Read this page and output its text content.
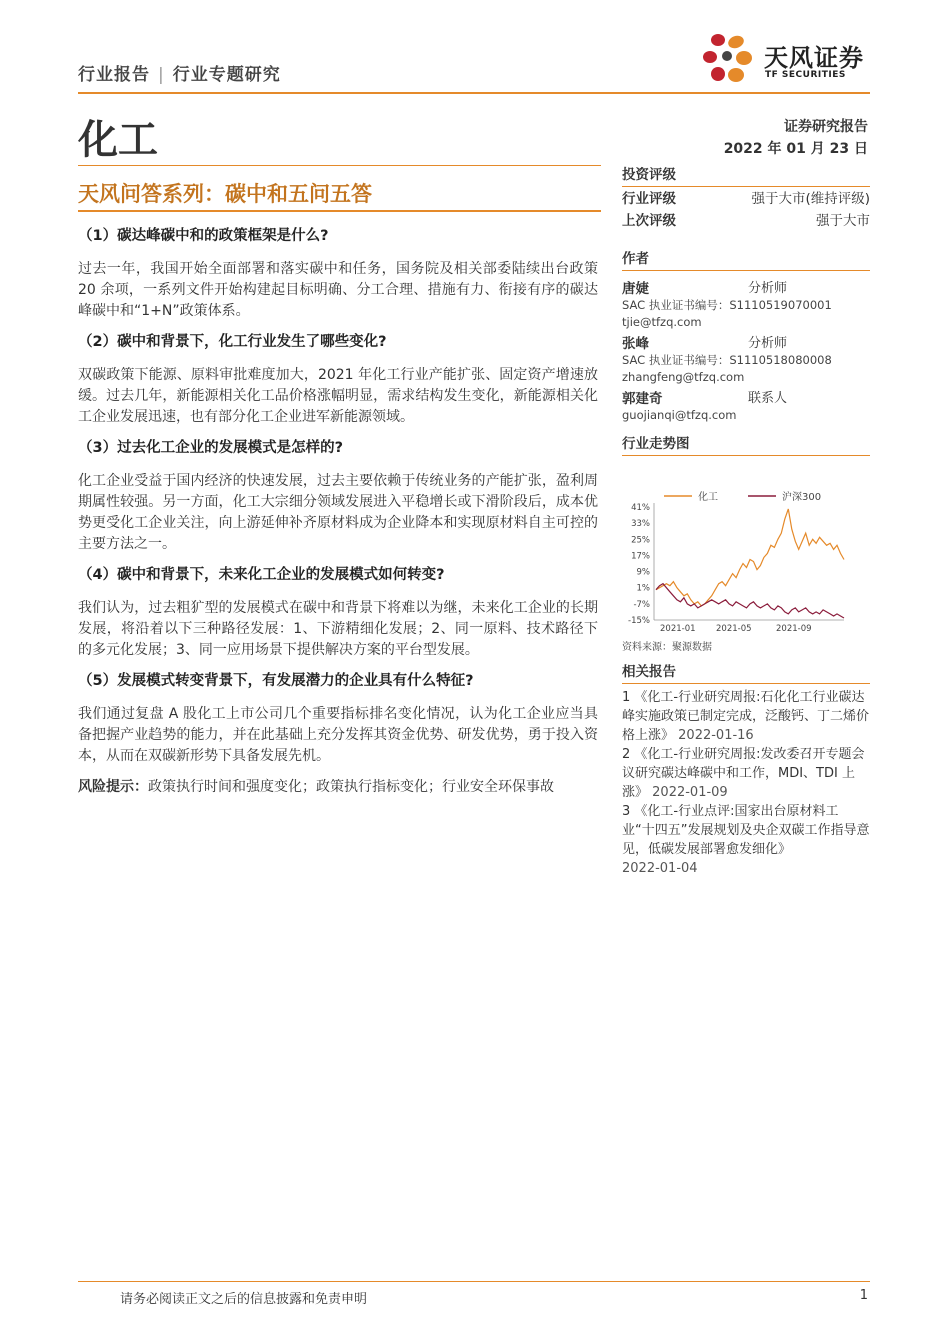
行业报告 | 行业专题研究
天风证券
TF SECURITIES
化工	证券研究报告
2022 年 01 月 23 日
天风问答系列：碳中和五问五答
（1）碳达峰碳中和的政策框架是什么?
过去一年，我国开始全面部署和落实碳中和任务，国务院及相关部委陆续出台政策 20 余项，一系列文件开始构建起目标明确、分工合理、措施有力、衔接有序的碳达峰碳中和“1+N”政策体系。
（2）碳中和背景下，化工行业发生了哪些变化?
双碳政策下能源、原料审批难度加大，2021 年化工行业产能扩张、固定资产增速放缓。过去几年，新能源相关化工品价格涨幅明显，需求结构发生变化，新能源相关化工企业发展迅速，也有部分化工企业进军新能源领域。
（3）过去化工企业的发展模式是怎样的?
化工企业受益于国内经济的快速发展，过去主要依赖于传统业务的产能扩张，盈利周期属性较强。另一方面，化工大宗细分领域发展进入平稳增长或下滑阶段后，成本优势更受化工企业关注，向上游延伸补齐原材料成为企业降本和实现原材料自主可控的主要方法之一。
（4）碳中和背景下，未来化工企业的发展模式如何转变?
我们认为，过去粗犷型的发展模式在碳中和背景下将难以为继，未来化工企业的长期发展，将沿着以下三种路径发展：1、下游精细化发展；2、同一原料、技术路径下的多元化发展；3、同一应用场景下提供解决方案的平台型发展。
（5）发展模式转变背景下，有发展潜力的企业具有什么特征?
我们通过复盘 A 股化工上市公司几个重要指标排名变化情况，认为化工企业应当具备把握产业趋势的能力，并在此基础上充分发挥其资金优势、研发优势，勇于投入资本，从而在双碳新形势下具备发展先机。
风险提示：政策执行时间和强度变化；政策执行指标变化；行业安全环保事故
投资评级
行业评级	强于大市(维持评级)
上次评级	强于大市
作者
唐婕	分析师
SAC 执业证书编号：S1110519070001
tjie@tfzq.com
张峰	分析师
SAC 执业证书编号：S1110518080008
zhangfeng@tfzq.com
郭建奇	联系人
guojianqi@tfzq.com
行业走势图
化工	沪深300
41%
33%
25%
17%
9%
1%
-7%
-15%
2021-01 2021-05	2021-09
资料来源：聚源数据
相关报告
1 《化工-行业研究周报:石化化工行业碳达峰实施政策已制定完成，泛酸钙、丁二烯价格上涨》 2022-01-16
2 《化工-行业研究周报:发改委召开专题会议研究碳达峰碳中和工作，MDI、TDI 上涨》 2022-01-09
3 《化工-行业点评:国家出台原材料工业“十四五”发展规划及央企双碳工作指导意见，低碳发展部署愈发细化》
2022-01-04
请务必阅读正文之后的信息披露和免责申明	1
